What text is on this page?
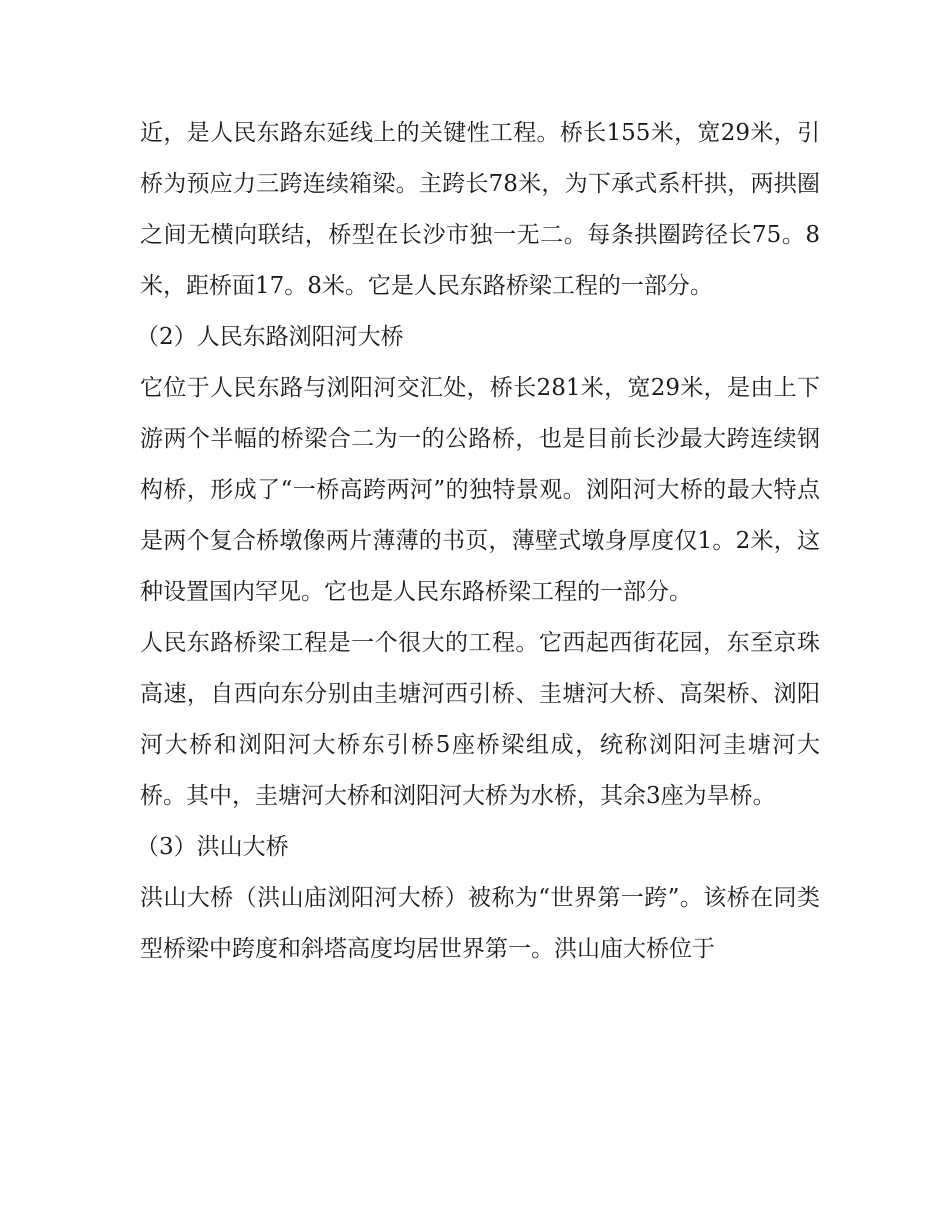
近，是人民东路东延线上的关键性工程。桥长155米，宽29米，引桥为预应力三跨连续箱梁。主跨长78米，为下承式系杆拱，两拱圈之间无横向联结，桥型在长沙市独一无二。每条拱圈跨径长75。8米，距桥面17。8米。它是人民东路桥梁工程的一部分。

（2）人民东路浏阳河大桥

它位于人民东路与浏阳河交汇处，桥长281米，宽29米，是由上下游两个半幅的桥梁合二为一的公路桥，也是目前长沙最大跨连续钢构桥，形成了“一桥高跨两河”的独特景观。浏阳河大桥的最大特点是两个复合桥墩像两片薄薄的书页，薄壁式墩身厚度仅1。2米，这种设置国内罕见。它也是人民东路桥梁工程的一部分。

人民东路桥梁工程是一个很大的工程。它西起西街花园，东至京珠高速，自西向东分别由圭塘河西引桥、圭塘河大桥、高架桥、浏阳河大桥和浏阳河大桥东引桥5座桥梁组成，统称浏阳河圭塘河大桥。其中，圭塘河大桥和浏阳河大桥为水桥，其余3座为旱桥。

（3）洪山大桥

洪山大桥（洪山庙浏阳河大桥）被称为“世界第一跨”。该桥在同类型桥梁中跨度和斜塔高度均居世界第一。洪山庙大桥位于
